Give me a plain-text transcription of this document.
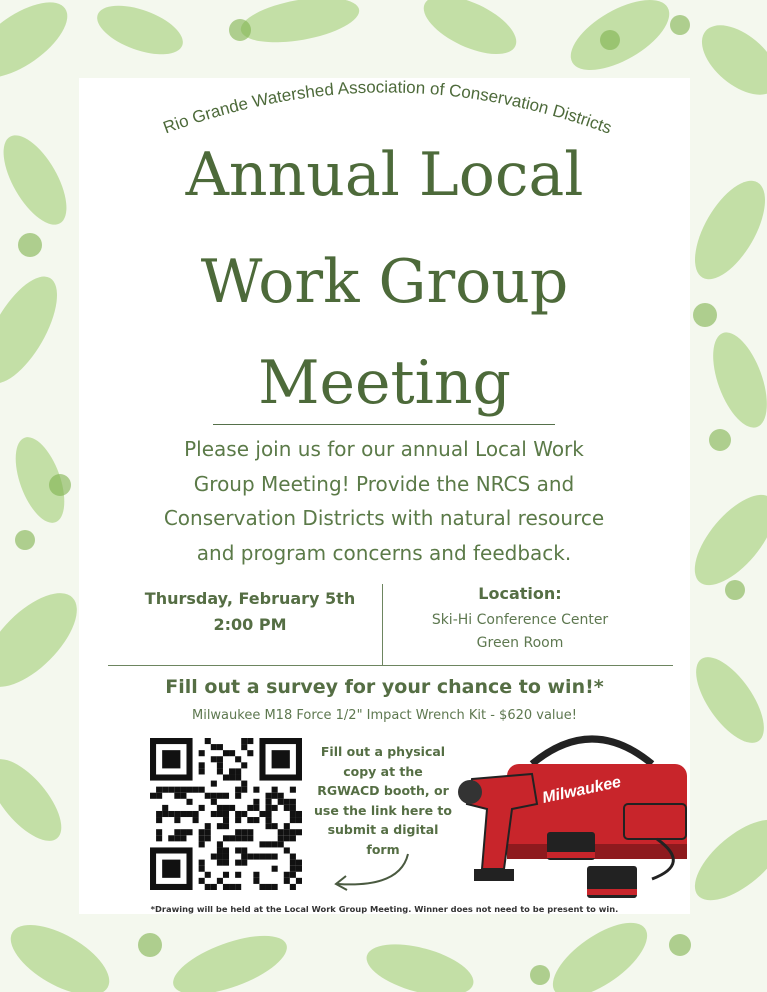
Rio Grande Watershed Association of Conservation Districts
Annual Local
Work Group
Meeting
Please join us for our annual Local Work
Group Meeting! Provide the NRCS and
Conservation Districts with natural resource
and program concerns and feedback.
Thursday, February 5th
2:00 PM
Location:
Ski-Hi Conference Center
Green Room
Fill out a survey for your chance to win!*
Milwaukee M18 Force 1/2" Impact Wrench Kit - $620 value!
Fill out a physical
copy at the
RGWACD booth, or
use the link here to
submit a digital
form
Milwaukee
*Drawing will be held at the Local Work Group Meeting. Winner does not need to be present to win.
